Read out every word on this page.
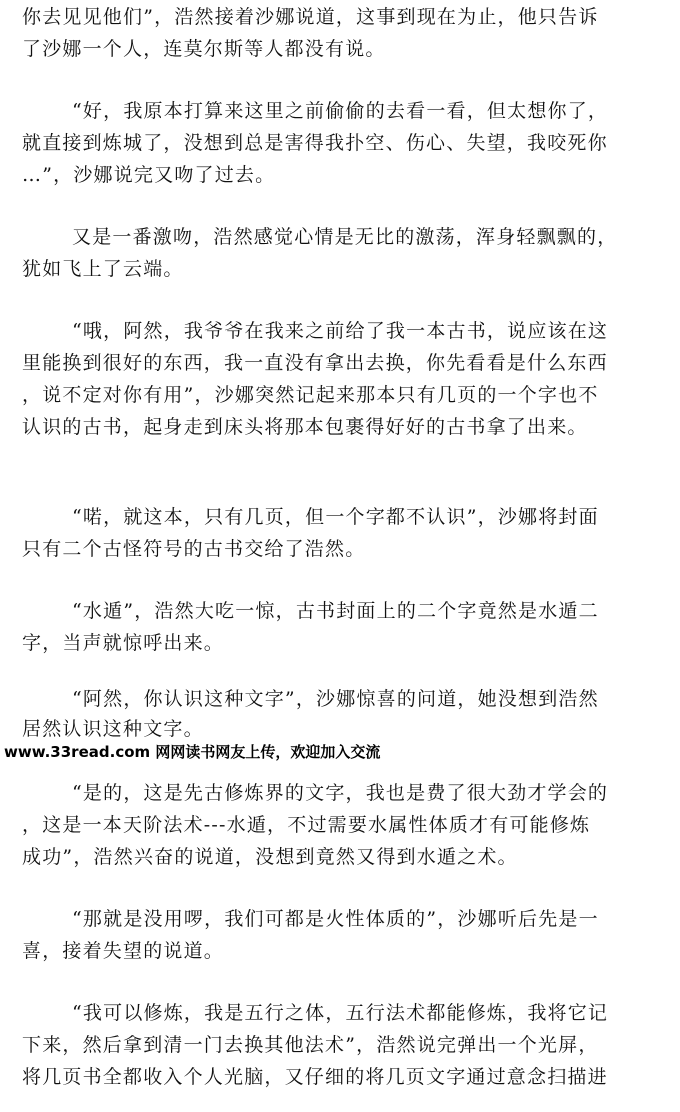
你去见见他们”，浩然接着沙娜说道，这事到现在为止，他只告诉
了沙娜一个人，连莫尔斯等人都没有说。
“好，我原本打算来这里之前偷偷的去看一看，但太想你了，
就直接到炼城了，没想到总是害得我扑空、伤心、失望，我咬死你
…”，沙娜说完又吻了过去。
又是一番激吻，浩然感觉心情是无比的激荡，浑身轻飘飘的，
犹如飞上了云端。
“哦，阿然，我爷爷在我来之前给了我一本古书，说应该在这
里能换到很好的东西，我一直没有拿出去换，你先看看是什么东西
，说不定对你有用”，沙娜突然记起来那本只有几页的一个字也不
认识的古书，起身走到床头将那本包裹得好好的古书拿了出来。
“喏，就这本，只有几页，但一个字都不认识”，沙娜将封面
只有二个古怪符号的古书交给了浩然。
“水遁”，浩然大吃一惊，古书封面上的二个字竟然是水遁二
字，当声就惊呼出来。
“阿然，你认识这种文字”，沙娜惊喜的问道，她没想到浩然
居然认识这种文字。
www.33read.com 网网读书网友上传，欢迎加入交流
“是的，这是先古修炼界的文字，我也是费了很大劲才学会的
，这是一本天阶法术---水遁，不过需要水属性体质才有可能修炼
成功”，浩然兴奋的说道，没想到竟然又得到水遁之术。
“那就是没用啰，我们可都是火性体质的”，沙娜听后先是一
喜，接着失望的说道。
“我可以修炼，我是五行之体，五行法术都能修炼，我将它记
下来，然后拿到清一门去换其他法术”，浩然说完弹出一个光屏，
将几页书全都收入个人光脑，又仔细的将几页文字通过意念扫描进
